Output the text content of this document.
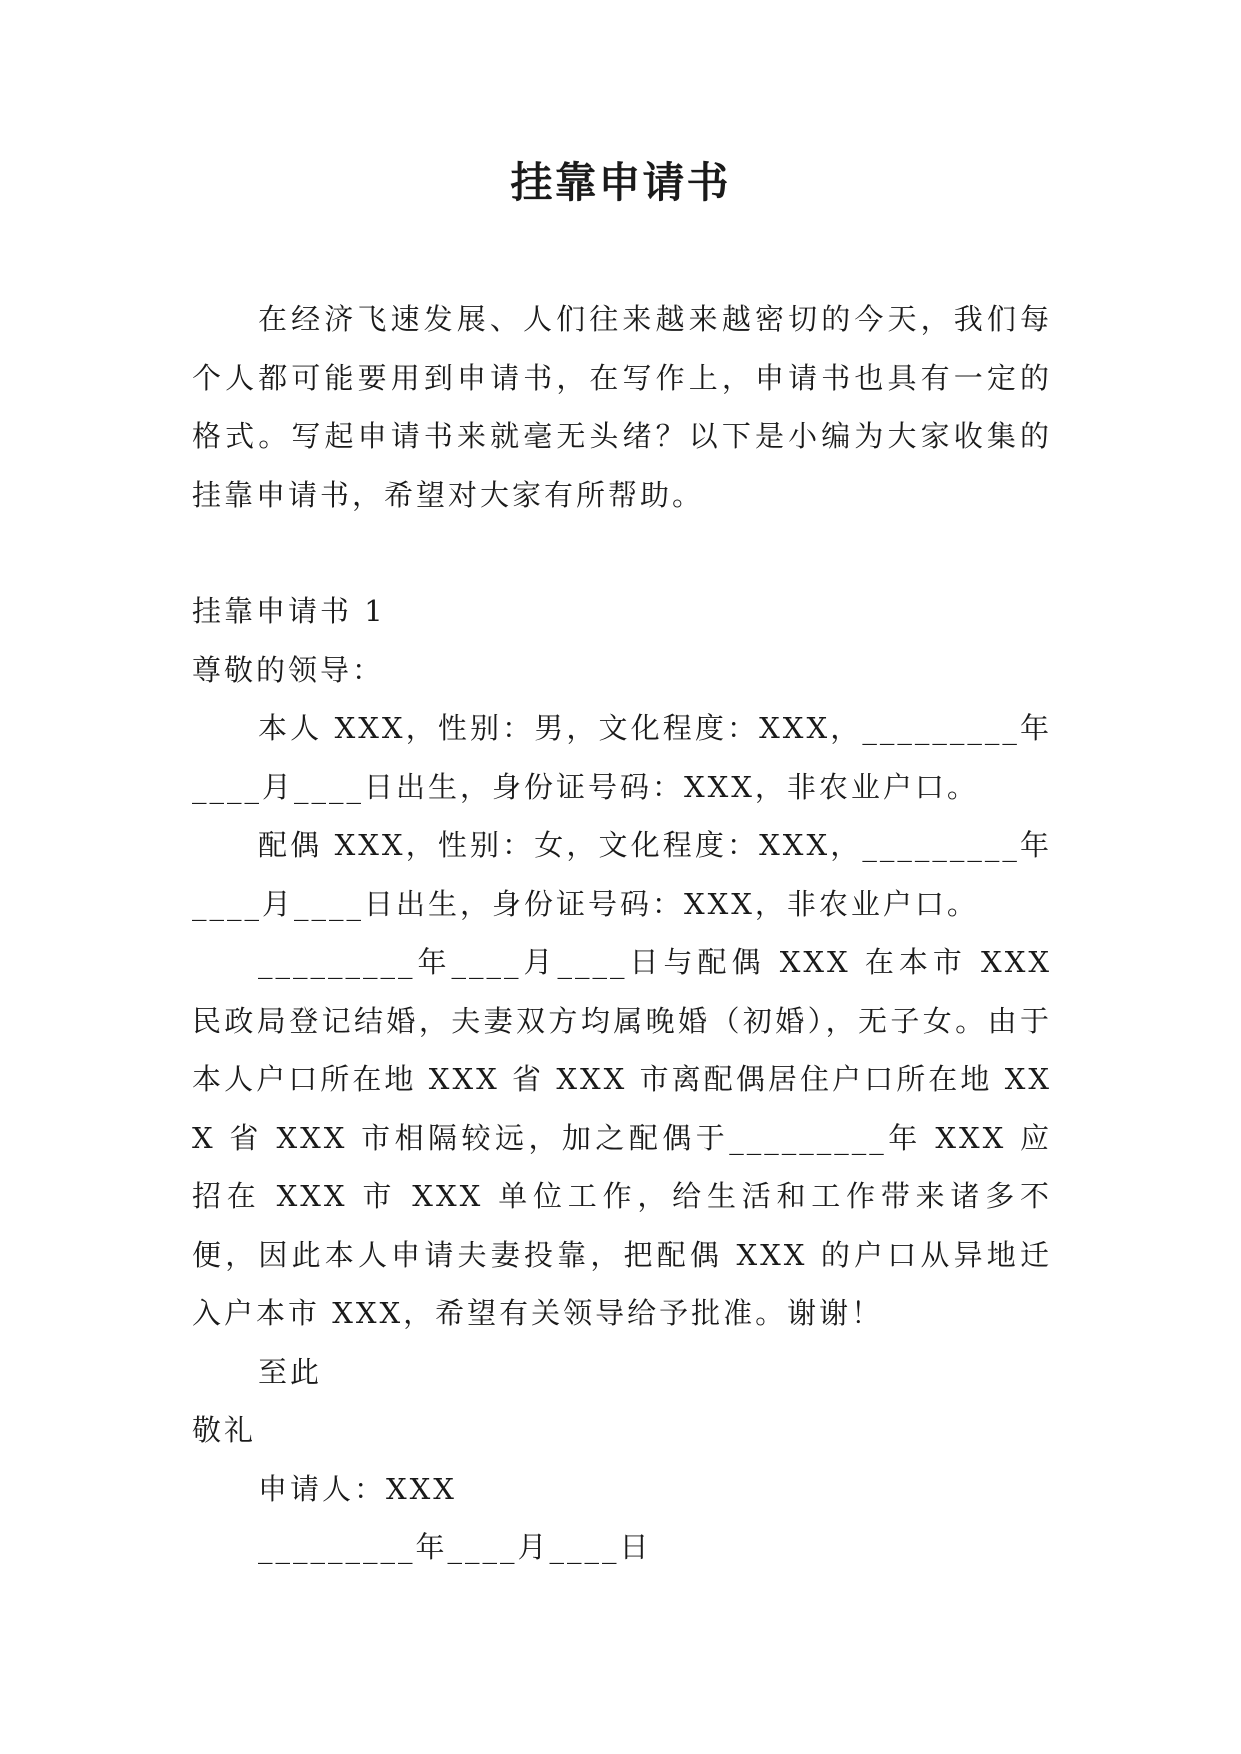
挂靠申请书

在经济飞速发展、人们往来越来越密切的今天，我们每个人都可能要用到申请书，在写作上，申请书也具有一定的格式。写起申请书来就毫无头绪？以下是小编为大家收集的挂靠申请书，希望对大家有所帮助。

挂靠申请书 1

尊敬的领导：

本人 XXX，性别：男，文化程度：XXX，_________年____月____日出生，身份证号码：XXX，非农业户口。

配偶 XXX，性别：女，文化程度：XXX，_________年____月____日出生，身份证号码：XXX，非农业户口。

_________年____月____日与配偶 XXX 在本市 XXX 民政局登记结婚，夫妻双方均属晚婚（初婚），无子女。由于本人户口所在地 XXX 省 XXX 市离配偶居住户口所在地 XXX 省 XXX 市相隔较远，加之配偶于_________年 XXX 应招在 XXX 市 XXX 单位工作，给生活和工作带来诸多不便，因此本人申请夫妻投靠，把配偶 XXX 的户口从异地迁入户本市 XXX，希望有关领导给予批准。谢谢！

至此

敬礼

申请人：XXX

_________年____月____日
